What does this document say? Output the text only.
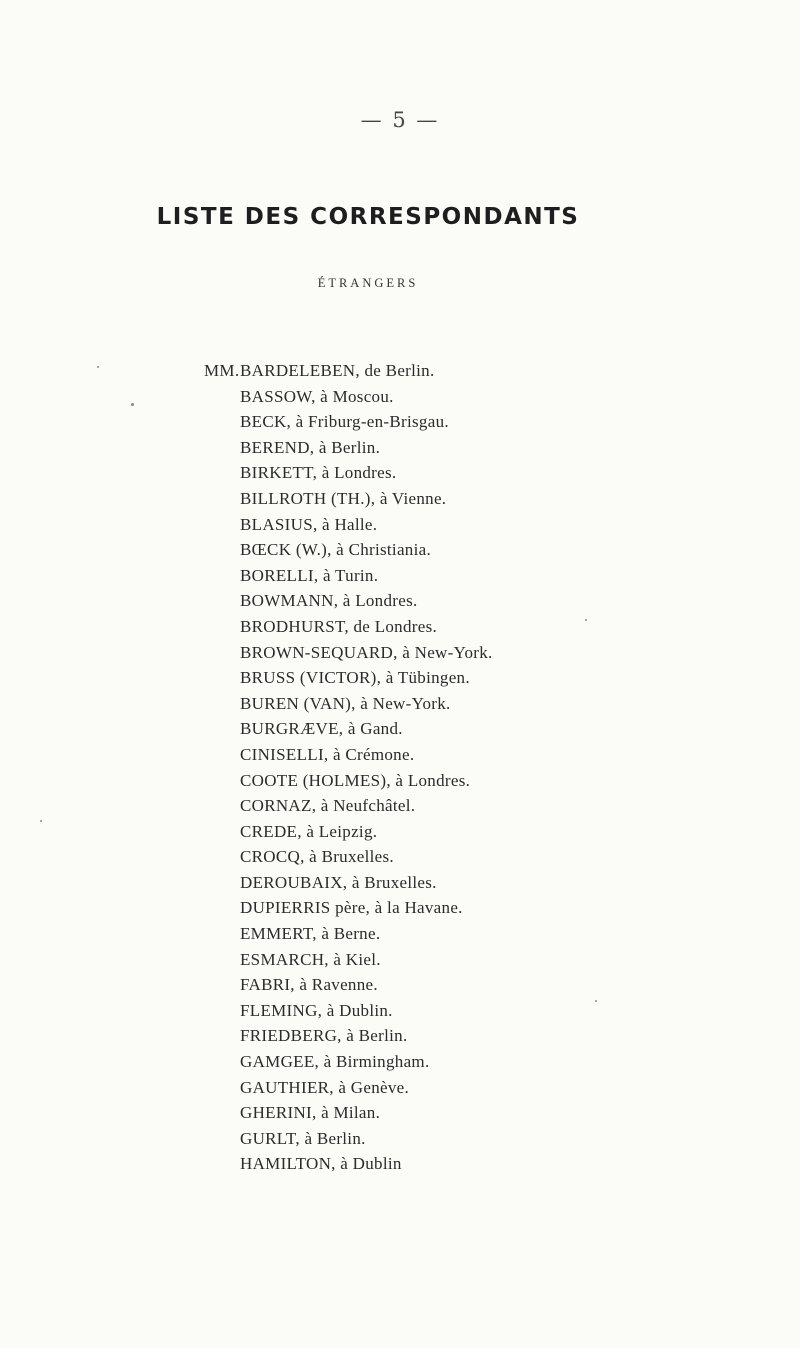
— 5 —
LISTE DES CORRESPONDANTS
ÉTRANGERS
MM.BARDELEBEN, de Berlin.
BASSOW, à Moscou.
BECK, à Friburg-en-Brisgau.
BEREND, à Berlin.
BIRKETT, à Londres.
BILLROTH (TH.), à Vienne.
BLASIUS, à Halle.
BŒCK (W.), à Christiania.
BORELLI, à Turin.
BOWMANN, à Londres.
BRODHURST, de Londres.
BROWN-SEQUARD, à New-York.
BRUSS (VICTOR), à Tübingen.
BUREN (VAN), à New-York.
BURGRÆVE, à Gand.
CINISELLI, à Crémone.
COOTE (HOLMES), à Londres.
CORNAZ, à Neufchâtel.
CREDE, à Leipzig.
CROCQ, à Bruxelles.
DEROUBAIX, à Bruxelles.
DUPIERRIS père, à la Havane.
EMMERT, à Berne.
ESMARCH, à Kiel.
FABRI, à Ravenne.
FLEMING, à Dublin.
FRIEDBERG, à Berlin.
GAMGEE, à Birmingham.
GAUTHIER, à Genève.
GHERINI, à Milan.
GURLT, à Berlin.
HAMILTON, à Dublin
